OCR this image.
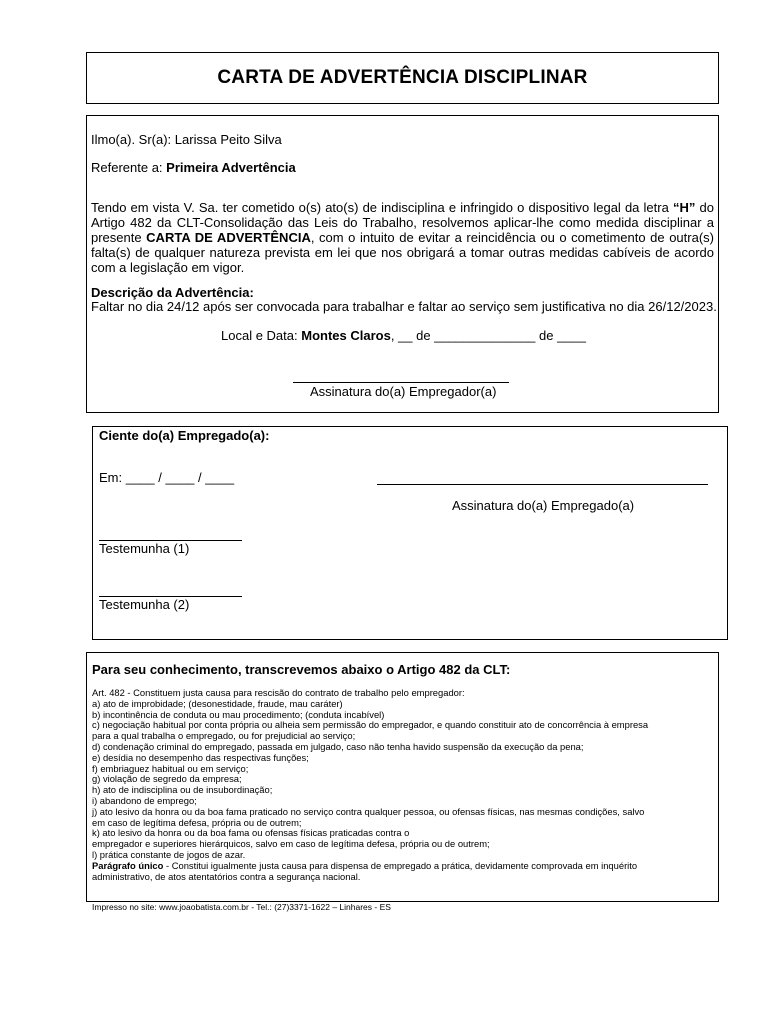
CARTA DE ADVERTÊNCIA DISCIPLINAR
Ilmo(a). Sr(a): Larissa Peito Silva
Referente a: Primeira Advertência
Tendo em vista V. Sa. ter cometido o(s) ato(s) de indisciplina e infringido o dispositivo legal da letra “H” do
Artigo 482 da CLT-Consolidação das Leis do Trabalho, resolvemos aplicar-lhe como medida disciplinar a
presente CARTA DE ADVERTÊNCIA, com o intuito de evitar a reincidência ou o cometimento de outra(s)
falta(s) de qualquer natureza prevista em lei que nos obrigará a tomar outras medidas cabíveis de acordo
com a legislação em vigor.
Descrição da Advertência:
Faltar no dia 24/12 após ser convocada para trabalhar e faltar ao serviço sem justificativa no dia 26/12/2023.
Local e Data: Montes Claros, __ de ______________ de ____
Assinatura do(a) Empregador(a)
Ciente do(a) Empregado(a):
Em: ____ / ____ / ____
Assinatura do(a) Empregado(a)
Testemunha (1)
Testemunha (2)
Para seu conhecimento, transcrevemos abaixo o Artigo 482 da CLT:
Art. 482 - Constituem justa causa para rescisão do contrato de trabalho pelo empregador:
a) ato de improbidade; (desonestidade, fraude, mau caráter)
b) incontinência de conduta ou mau procedimento; (conduta incabível)
c) negociação habitual por conta própria ou alheia sem permissão do empregador, e quando constituir ato de concorrência à empresa
para a qual trabalha o empregado, ou for prejudicial ao serviço;
d) condenação criminal do empregado, passada em julgado, caso não tenha havido suspensão da execução da pena;
e) desídia no desempenho das respectivas funções;
f) embriaguez habitual ou em serviço;
g) violação de segredo da empresa;
h) ato de indisciplina ou de insubordinação;
i) abandono de emprego;
j) ato lesivo da honra ou da boa fama praticado no serviço contra qualquer pessoa, ou ofensas físicas, nas mesmas condições, salvo
em caso de legítima defesa, própria ou de outrem;
k) ato lesivo da honra ou da boa fama ou ofensas físicas praticadas contra o
empregador e superiores hierárquicos, salvo em caso de legítima defesa, própria ou de outrem;
l) prática constante de jogos de azar.
Parágrafo único - Constitui igualmente justa causa para dispensa de empregado a prática, devidamente comprovada em inquérito
administrativo, de atos atentatórios contra a segurança nacional.
Impresso no site: www.joaobatista.com.br - Tel.: (27)3371-1622 – Linhares - ES
